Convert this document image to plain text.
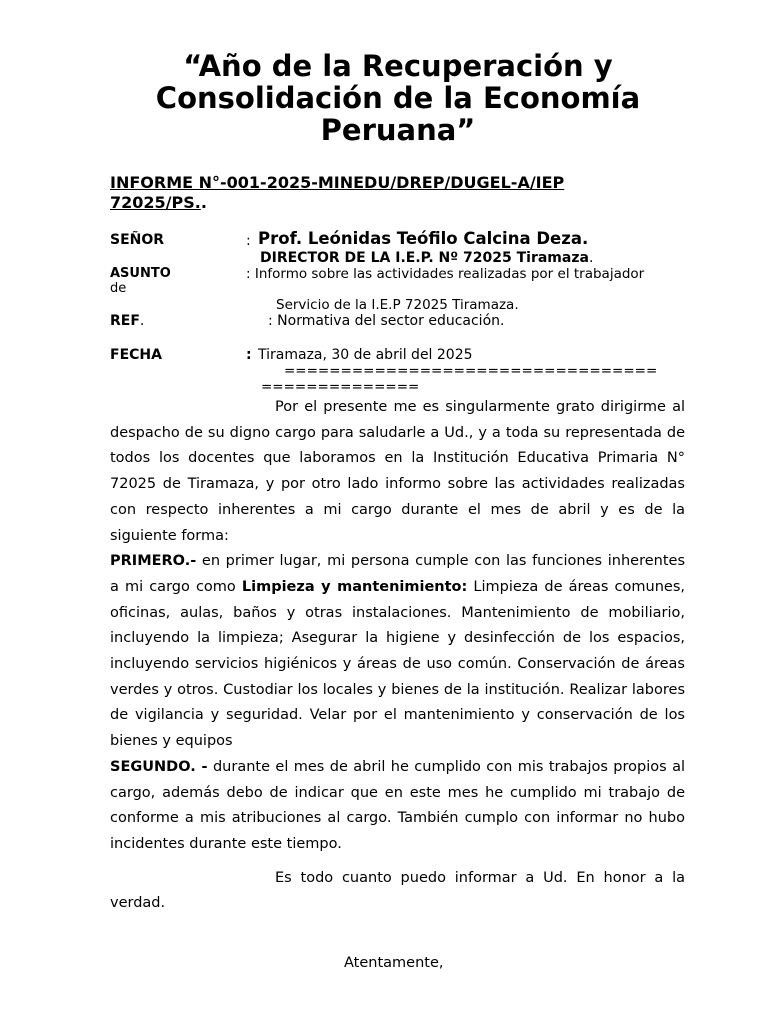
“Año de la Recuperación y
Consolidación de la Economía
Peruana”
INFORME N°-001-2025-MINEDU/DREP/DUGEL-A/IEP
72025/PS..
SEÑOR	: Prof. Leónidas Teófilo Calcina Deza.
DIRECTOR DE LA I.E.P. Nº 72025 Tiramaza.
ASUNTO	: Informo sobre las actividades realizadas por el trabajador
de
Servicio de la I.E.P 72025 Tiramaza.
REF.	: Normativa del sector educación.
FECHA	: Tiramaza, 30 de abril del 2025
=================================
==============

Por el presente me es singularmente grato dirigirme al despacho de su digno cargo para saludarle a Ud., y a toda su representada de todos los docentes que laboramos en la Institución Educativa Primaria N° 72025 de Tiramaza, y por otro lado informo sobre las actividades realizadas con respecto inherentes a mi cargo durante el mes de abril y es de la siguiente forma:

PRIMERO.- en primer lugar, mi persona cumple con las funciones inherentes a mi cargo como Limpieza y mantenimiento: Limpieza de áreas comunes, oficinas, aulas, baños y otras instalaciones. Mantenimiento de mobiliario, incluyendo la limpieza; Asegurar la higiene y desinfección de los espacios, incluyendo servicios higiénicos y áreas de uso común. Conservación de áreas verdes y otros. Custodiar los locales y bienes de la institución. Realizar labores de vigilancia y seguridad. Velar por el mantenimiento y conservación de los bienes y equipos

SEGUNDO. - durante el mes de abril he cumplido con mis trabajos propios al cargo, además debo de indicar que en este mes he cumplido mi trabajo de conforme a mis atribuciones al cargo. También cumplo con informar no hubo incidentes durante este tiempo.

Es todo cuanto puedo informar a Ud. En honor a la verdad.

Atentamente,
